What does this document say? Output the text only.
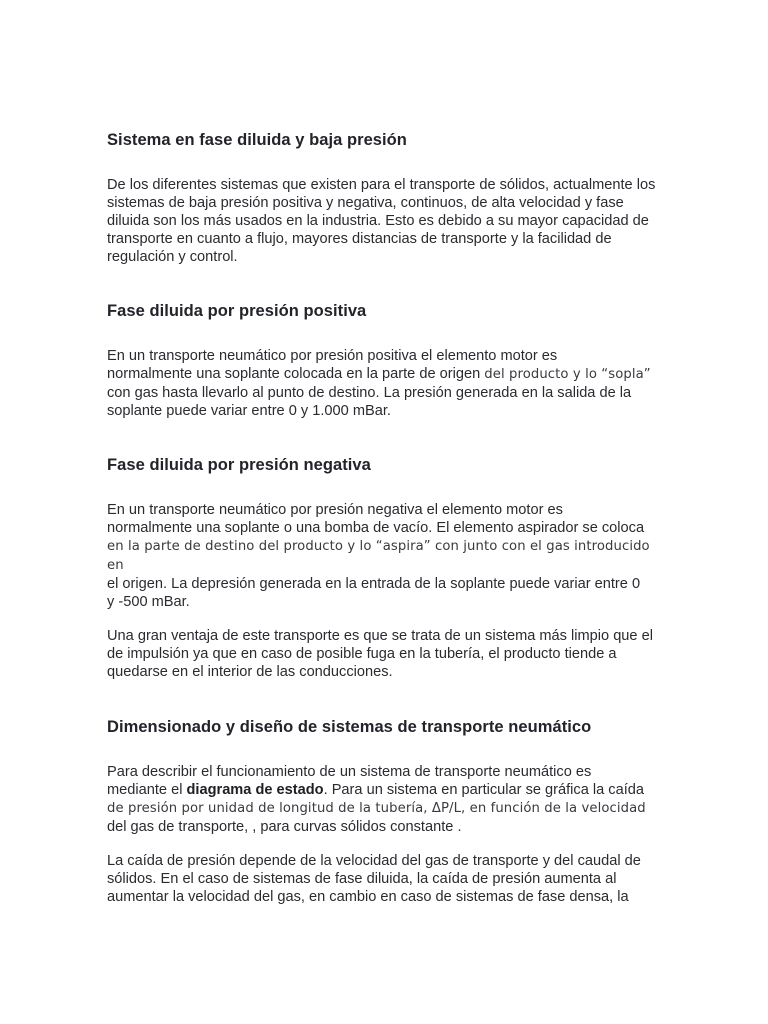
Sistema en fase diluida y baja presión

De los diferentes sistemas que existen para el transporte de sólidos, actualmente los sistemas de baja presión positiva y negativa, continuos, de alta velocidad y fase diluida son los más usados en la industria. Esto es debido a su mayor capacidad de transporte en cuanto a flujo, mayores distancias de transporte y la facilidad de regulación y control.

Fase diluida por presión positiva

En un transporte neumático por presión positiva el elemento motor es
normalmente una soplante colocada en la parte de origen del producto y lo “sopla”
con gas hasta llevarlo al punto de destino. La presión generada en la salida de la
soplante puede variar entre 0 y 1.000 mBar.

Fase diluida por presión negativa

En un transporte neumático por presión negativa el elemento motor es
normalmente una soplante o una bomba de vacío. El elemento aspirador se coloca
en la parte de destino del producto y lo “aspira” con junto con el gas introducido en
el origen. La depresión generada en la entrada de la soplante puede variar entre 0
y -500 mBar.

Una gran ventaja de este transporte es que se trata de un sistema más limpio que el de impulsión ya que en caso de posible fuga en la tubería, el producto tiende a quedarse en el interior de las conducciones.

Dimensionado y diseño de sistemas de transporte neumático

Para describir el funcionamiento de un sistema de transporte neumático es
mediante el diagrama de estado. Para un sistema en particular se gráfica la caída
de presión por unidad de longitud de la tubería, ΔP/L, en función de la velocidad
del gas de transporte, , para curvas sólidos constante .

La caída de presión depende de la velocidad del gas de transporte y del caudal de sólidos. En el caso de sistemas de fase diluida, la caída de presión aumenta al aumentar la velocidad del gas, en cambio en caso de sistemas de fase densa, la
